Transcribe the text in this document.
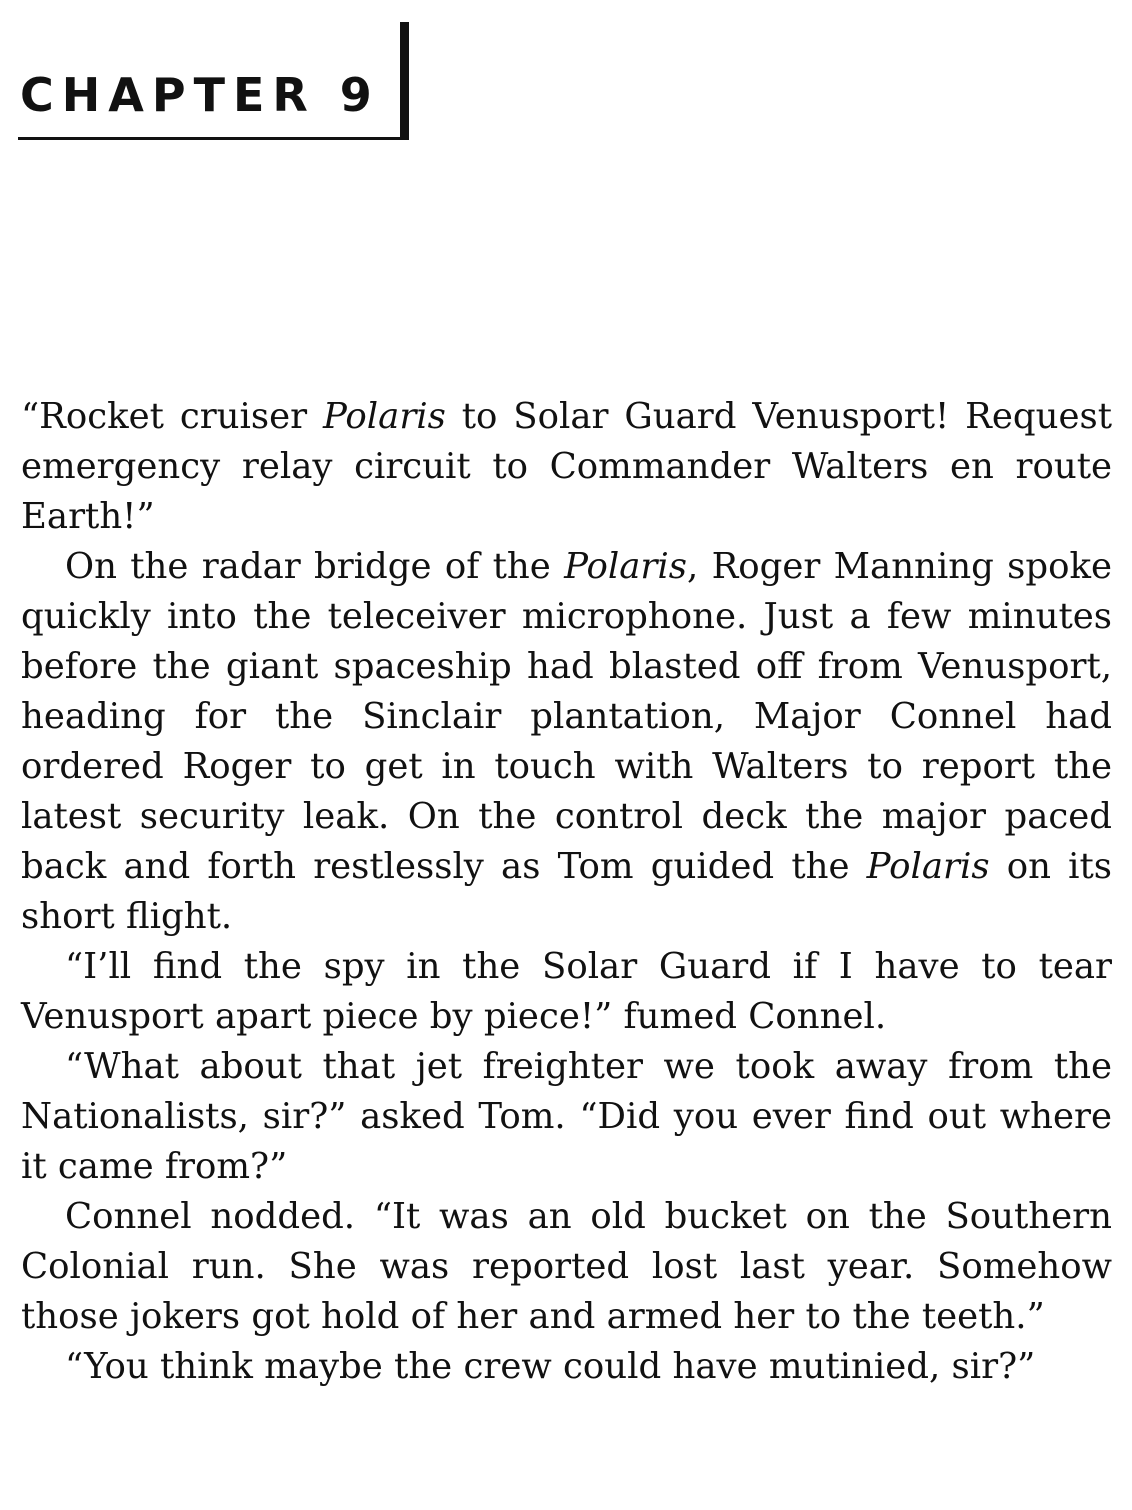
CHAPTER 9

“Rocket cruiser Polaris to Solar Guard Venusport! Request emergency relay circuit to Commander Walters en route Earth!”

On the radar bridge of the Polaris, Roger Manning spoke quickly into the teleceiver microphone. Just a few minutes before the giant spaceship had blasted off from Venusport, heading for the Sinclair plantation, Major Connel had ordered Roger to get in touch with Walters to report the latest security leak. On the control deck the major paced back and forth restlessly as Tom guided the Polaris on its short flight.

“I’ll find the spy in the Solar Guard if I have to tear Venusport apart piece by piece!” fumed Connel.

“What about that jet freighter we took away from the Nationalists, sir?” asked Tom. “Did you ever find out where it came from?”

Connel nodded. “It was an old bucket on the Southern Colonial run. She was reported lost last year. Somehow those jokers got hold of her and armed her to the teeth.”

“You think maybe the crew could have mutinied, sir?”
